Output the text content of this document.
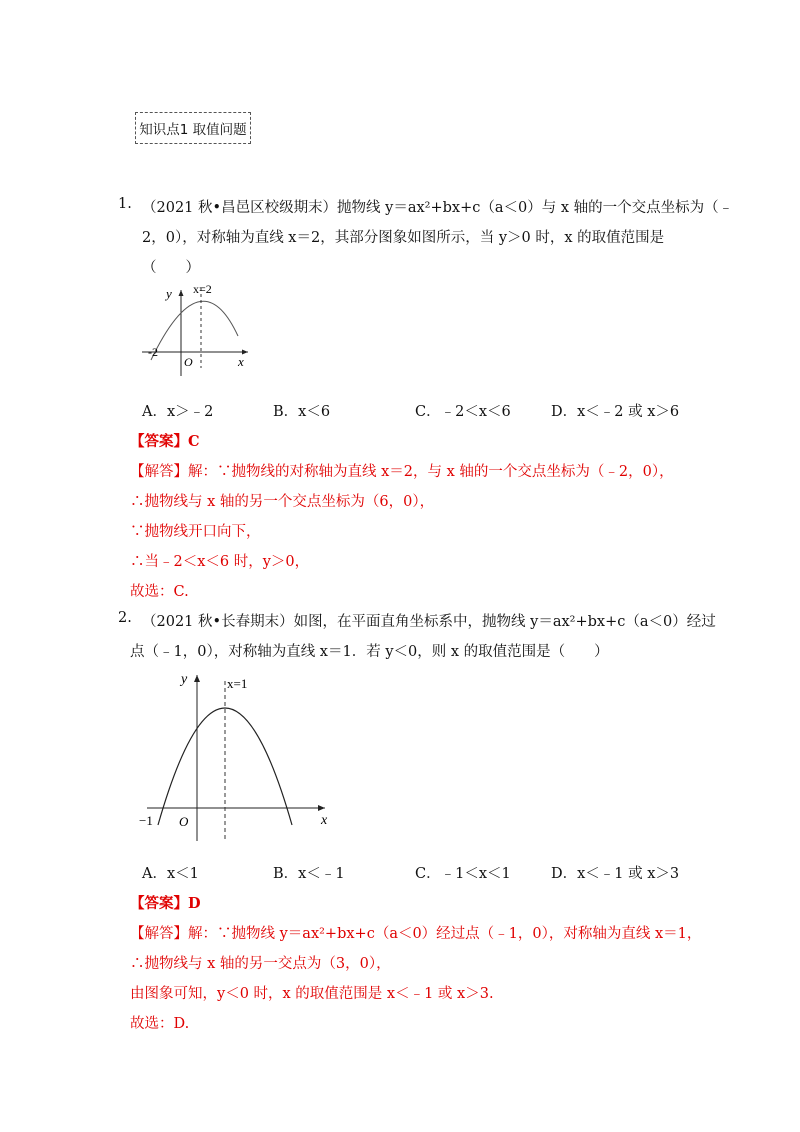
知识点1 取值问题
1. （2021 秋•昌邑区校级期末）抛物线 y＝ax²+bx+c（a＜0）与 x 轴的一个交点坐标为（﹣
2，0），对称轴为直线 x＝2，其部分图象如图所示，当 y＞0 时，x 的取值范围是
（　　）
y x=2
-2
O	x
A．x＞﹣2	B．x＜6	C．﹣2＜x＜6	D．x＜﹣2 或 x＞6
【答案】C
【解答】解：∵抛物线的对称轴为直线 x＝2，与 x 轴的一个交点坐标为（﹣2，0），
∴抛物线与 x 轴的另一个交点坐标为（6，0），
∵抛物线开口向下，
∴当﹣2＜x＜6 时，y＞0，
故选：C.
2. （2021 秋•长春期末）如图，在平面直角坐标系中，抛物线 y＝ax²+bx+c（a＜0）经过
点（﹣1，0），对称轴为直线 x＝1．若 y＜0，则 x 的取值范围是（　　）
y	x=1
−1 O	x
A．x＜1	B．x＜﹣1	C．﹣1＜x＜1	D．x＜﹣1 或 x＞3
【答案】D
【解答】解：∵抛物线 y＝ax²+bx+c（a＜0）经过点（﹣1，0），对称轴为直线 x＝1，
∴抛物线与 x 轴的另一交点为（3，0），
由图象可知，y＜0 时，x 的取值范围是 x＜﹣1 或 x＞3.
故选：D.
